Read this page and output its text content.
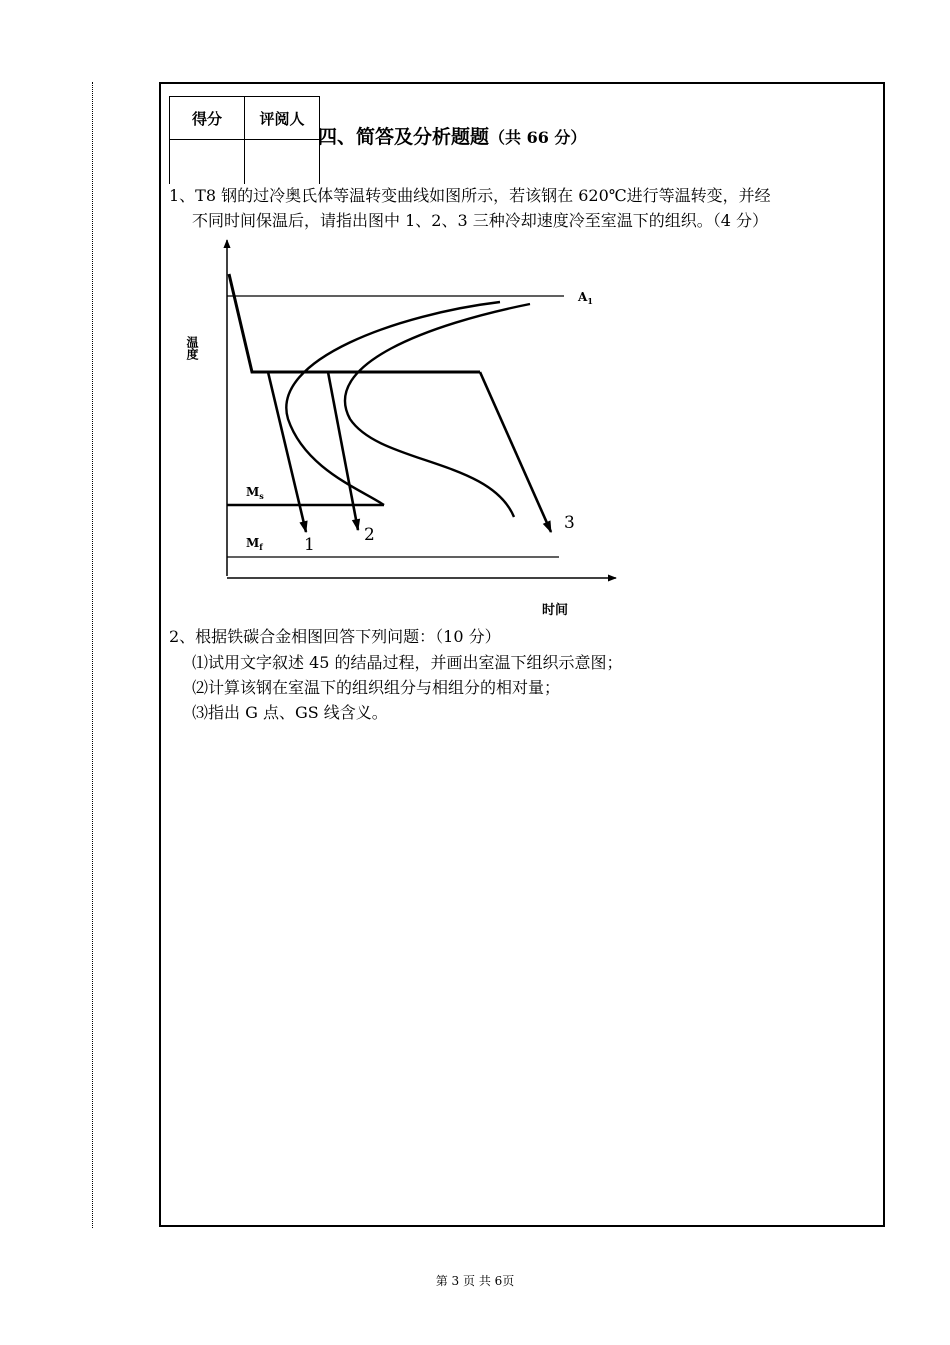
得分	评阅人

四、简答及分析题题（共 66 分）
1、T8 钢的过冷奥氏体等温转变曲线如图所示，若该钢在 620℃进行等温转变，并经
不同时间保温后，请指出图中 1、2、3 三种冷却速度冷至室温下的组织。（4 分）
温度
时间
$A_1$
$M_s$
$M_f$ 1	2
3
2、根据铁碳合金相图回答下列问题：（10 分）
⑴试用文字叙述 45 的结晶过程，并画出室温下组织示意图；
⑵计算该钢在室温下的组织组分与相组分的相对量；
⑶指出 G 点、GS 线含义。
第 3 页 共 6页
